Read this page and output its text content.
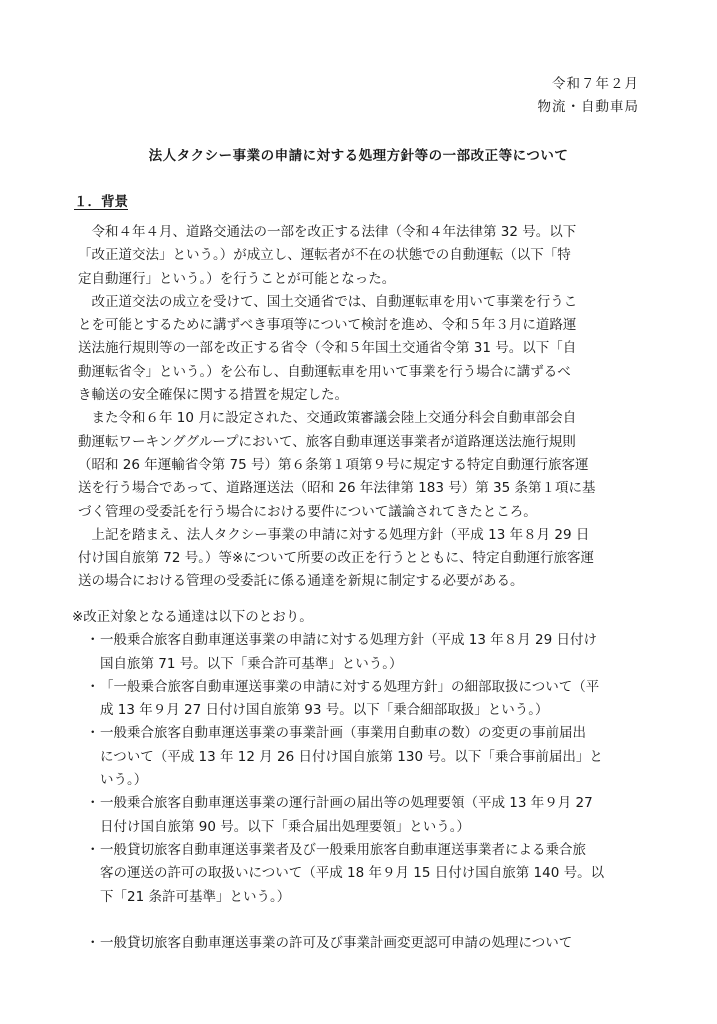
令和７年２月
物流・自動車局
法人タクシー事業の申請に対する処理方針等の一部改正等について
１．背景

令和４年４月、道路交通法の一部を改正する法律（令和４年法律第 32 号。以下
「改正道交法」という。）が成立し、運転者が不在の状態での自動運転（以下「特
定自動運行」という。）を行うことが可能となった。

改正道交法の成立を受けて、国土交通省では、自動運転車を用いて事業を行うこ
とを可能とするために講ずべき事項等について検討を進め、令和５年３月に道路運
送法施行規則等の一部を改正する省令（令和５年国土交通省令第 31 号。以下「自
動運転省令」という。）を公布し、自動運転車を用いて事業を行う場合に講ずるべ
き輸送の安全確保に関する措置を規定した。

また令和６年 10 月に設定された、交通政策審議会陸上交通分科会自動車部会自
動運転ワーキンググループにおいて、旅客自動車運送事業者が道路運送法施行規則
（昭和 26 年運輸省令第 75 号）第６条第１項第９号に規定する特定自動運行旅客運
送を行う場合であって、道路運送法（昭和 26 年法律第 183 号）第 35 条第１項に基
づく管理の受委託を行う場合における要件について議論されてきたところ。

上記を踏まえ、法人タクシー事業の申請に対する処理方針（平成 13 年８月 29 日
付け国自旅第 72 号。）等※について所要の改正を行うとともに、特定自動運行旅客運
送の場合における管理の受委託に係る通達を新規に制定する必要がある。

※改正対象となる通達は以下のとおり。

・ 一般乗合旅客自動車運送事業の申請に対する処理方針（平成 13 年８月 29 日付け
国自旅第 71 号。以下「乗合許可基準」という。）
・ 「一般乗合旅客自動車運送事業の申請に対する処理方針」の細部取扱について（平
成 13 年９月 27 日付け国自旅第 93 号。以下「乗合細部取扱」という。）
・ 一般乗合旅客自動車運送事業の事業計画（事業用自動車の数）の変更の事前届出
について（平成 13 年 12 月 26 日付け国自旅第 130 号。以下「乗合事前届出」と
いう。）
・ 一般乗合旅客自動車運送事業の運行計画の届出等の処理要領（平成 13 年９月 27
日付け国自旅第 90 号。以下「乗合届出処理要領」という。）
・ 一般貸切旅客自動車運送事業者及び一般乗用旅客自動車運送事業者による乗合旅
客の運送の許可の取扱いについて（平成 18 年９月 15 日付け国自旅第 140 号。以
下「21 条許可基準」という。）
・ 一般貸切旅客自動車運送事業の許可及び事業計画変更認可申請の処理について
